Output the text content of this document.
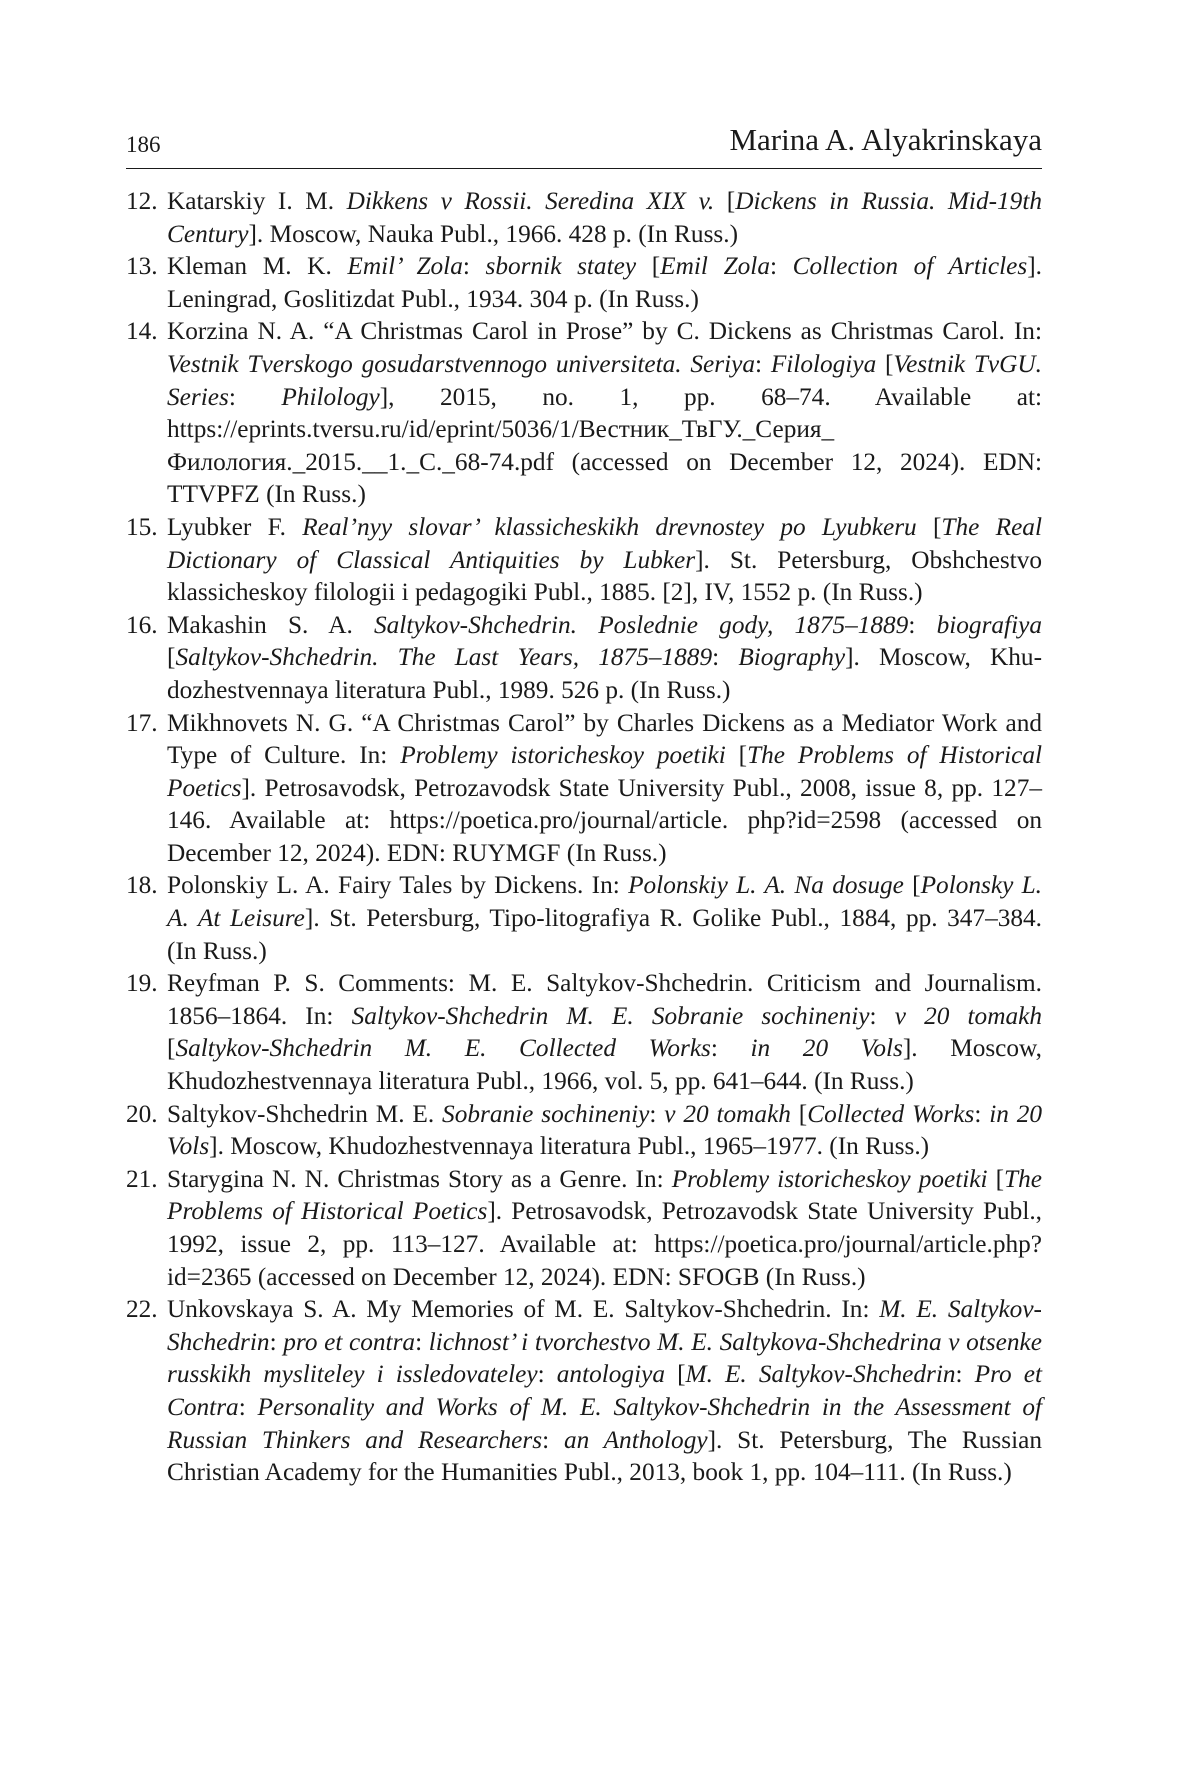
186	Marina A. Alyakrinskaya
12. Katarskiy I. M. Dikkens v Rossii. Seredina XIX v. [Dickens in Russia. Mid-19th Century]. Moscow, Nauka Publ., 1966. 428 p. (In Russ.)
13. Kleman M. K. Emil’ Zola: sbornik statey [Emil Zola: Collection of Articles]. Leningrad, Goslitizdat Publ., 1934. 304 p. (In Russ.)
14. Korzina N. A. “A Christmas Carol in Prose” by C. Dickens as Christmas Carol. In: Vestnik Tverskogo gosudarstvennogo universiteta. Seriya: Filologiya [Vestnik TvGU. Series: Philology], 2015, no. 1, pp. 68–74. Available at: https://eprints.tversu.ru/id/eprint/5036/1/Вестник_ТвГУ._Серия_ Филология._2015.__1._С._68-74.pdf (accessed on December 12, 2024). EDN: TTVPFZ (In Russ.)
15. Lyubker F. Real’nyy slovar’ klassicheskikh drevnostey po Lyubkeru [The Real Dictionary of Classical Antiquities by Lubker]. St. Petersburg, Obshchestvo klassicheskoy filologii i pedagogiki Publ., 1885. [2], IV, 1552 p. (In Russ.)
16. Makashin S. A. Saltykov-Shchedrin. Poslednie gody, 1875–1889: biografiya [Saltykov-Shchedrin. The Last Years, 1875–1889: Biography]. Moscow, Khudozhestvennaya literatura Publ., 1989. 526 p. (In Russ.)
17. Mikhnovets N. G. “A Christmas Carol” by Charles Dickens as a Mediator Work and Type of Culture. In: Problemy istoricheskoy poetiki [The Problems of Historical Poetics]. Petrosavodsk, Petrozavodsk State University Publ., 2008, issue 8, pp. 127–146. Available at: https://poetica.pro/journal/article. php?id=2598 (accessed on December 12, 2024). EDN: RUYMGF (In Russ.)
18. Polonskiy L. A. Fairy Tales by Dickens. In: Polonskiy L. A. Na dosuge [Polonsky L. A. At Leisure]. St. Petersburg, Tipo-litografiya R. Golike Publ., 1884, pp. 347–384. (In Russ.)
19. Reyfman P. S. Comments: M. E. Saltykov-Shchedrin. Criticism and Journalism. 1856–1864. In: Saltykov-Shchedrin M. E. Sobranie sochineniy: v 20 tomakh [Saltykov-Shchedrin M. E. Collected Works: in 20 Vols]. Moscow, Khudozhestvennaya literatura Publ., 1966, vol. 5, pp. 641–644. (In Russ.)
20. Saltykov-Shchedrin M. E. Sobranie sochineniy: v 20 tomakh [Collected Works: in 20 Vols]. Moscow, Khudozhestvennaya literatura Publ., 1965–1977. (In Russ.)
21. Starygina N. N. Christmas Story as a Genre. In: Problemy istoricheskoy poetiki [The Problems of Historical Poetics]. Petrosavodsk, Petrozavodsk State University Publ., 1992, issue 2, pp. 113–127. Available at: https://poetica.pro/journal/article.php?id=2365 (accessed on December 12, 2024). EDN: SFOGB (In Russ.)
22. Unkovskaya S. A. My Memories of M. E. Saltykov-Shchedrin. In: M. E. Saltykov-Shchedrin: pro et contra: lichnost’ i tvorchestvo M. E. Saltykova-Shchedrina v otsenke russkikh mysliteley i issledovateley: antologiya [M. E. Saltykov-Shchedrin: Pro et Contra: Personality and Works of M. E. Saltykov-Shchedrin in the Assessment of Russian Thinkers and Researchers: an Anthology]. St. Petersburg, The Russian Christian Academy for the Humanities Publ., 2013, book 1, pp. 104–111. (In Russ.)
